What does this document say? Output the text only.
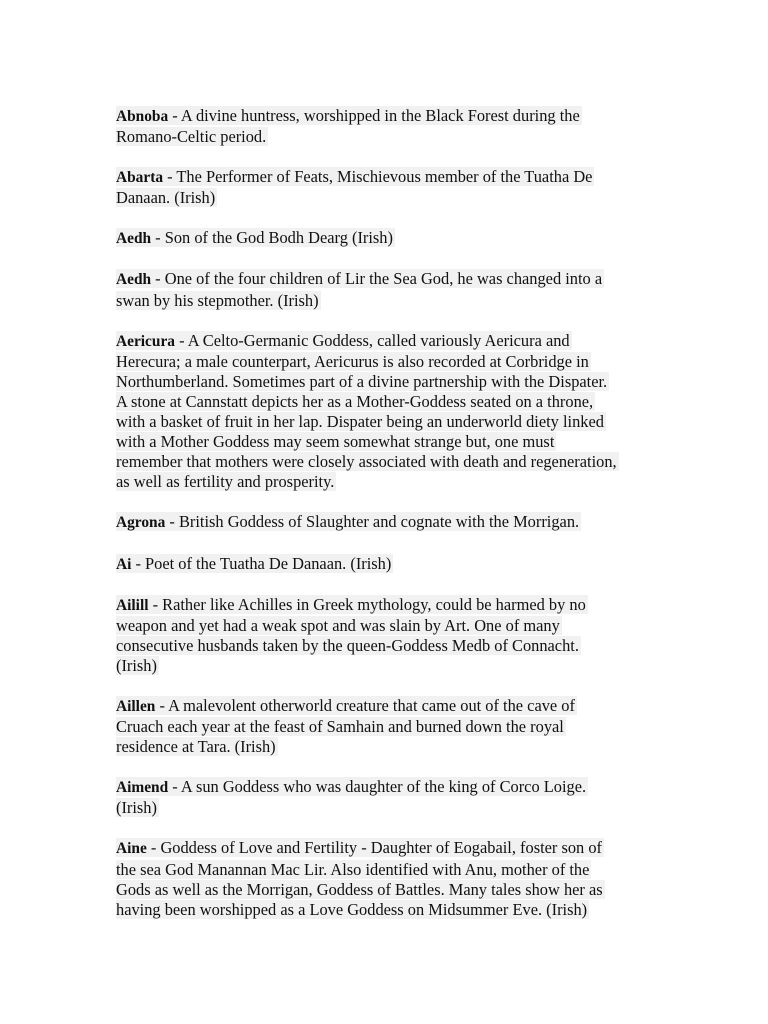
Abnoba - A divine huntress, worshipped in the Black Forest during the
Romano-Celtic period.
Abarta - The Performer of Feats, Mischievous member of the Tuatha De
Danaan. (Irish)
Aedh - Son of the God Bodh Dearg (Irish)
Aedh - One of the four children of Lir the Sea God, he was changed into a
swan by his stepmother. (Irish)
Aericura - A Celto-Germanic Goddess, called variously Aericura and
Herecura; a male counterpart, Aericurus is also recorded at Corbridge in
Northumberland. Sometimes part of a divine partnership with the Dispater.
A stone at Cannstatt depicts her as a Mother-Goddess seated on a throne,
with a basket of fruit in her lap. Dispater being an underworld diety linked
with a Mother Goddess may seem somewhat strange but, one must
remember that mothers were closely associated with death and regeneration,
as well as fertility and prosperity.
Agrona - British Goddess of Slaughter and cognate with the Morrigan.
Ai - Poet of the Tuatha De Danaan. (Irish)
Ailill - Rather like Achilles in Greek mythology, could be harmed by no
weapon and yet had a weak spot and was slain by Art. One of many
consecutive husbands taken by the queen-Goddess Medb of Connacht.
(Irish)
Aillen - A malevolent otherworld creature that came out of the cave of
Cruach each year at the feast of Samhain and burned down the royal
residence at Tara. (Irish)
Aimend - A sun Goddess who was daughter of the king of Corco Loige.
(Irish)
Aine - Goddess of Love and Fertility - Daughter of Eogabail, foster son of
the sea God Manannan Mac Lir. Also identified with Anu, mother of the
Gods as well as the Morrigan, Goddess of Battles. Many tales show her as
having been worshipped as a Love Goddess on Midsummer Eve. (Irish)
